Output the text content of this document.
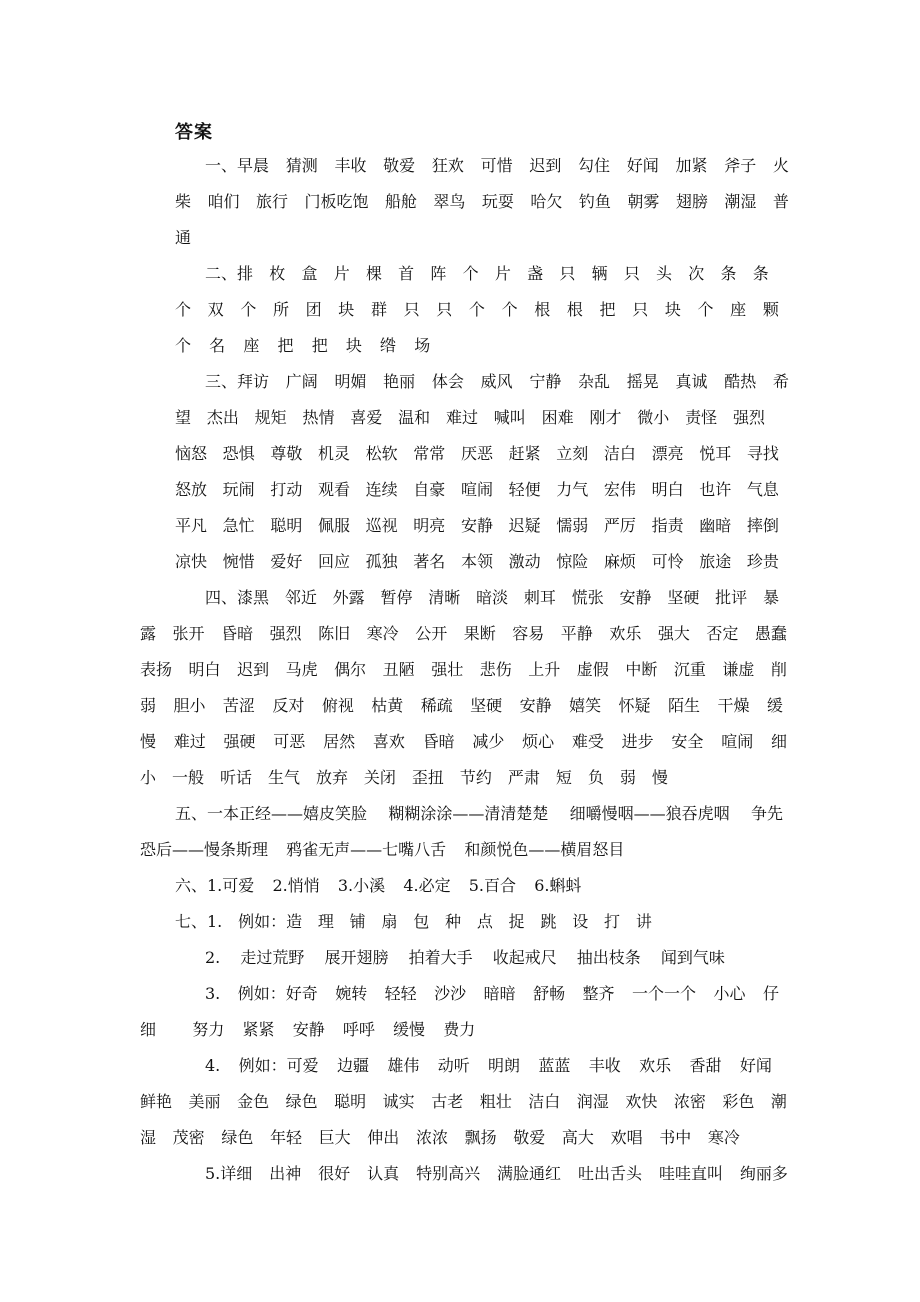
答案
一、早晨 猜测 丰收 敬爱 狂欢 可惜 迟到 勾住 好闻 加紧 斧子 火
柴 咱们 旅行 门板吃饱 船舱 翠鸟 玩耍 哈欠 钓鱼 朝雾 翅膀 潮湿 普
通
二、排 枚 盒 片 棵 首 阵 个 片 盏 只 辆 只 头 次 条 条
个 双 个 所 团 块 群 只 只 个 个 根 根 把 只 块 个 座 颗
个  名  座  把  把  块  绺  场
三、拜访 广阔 明媚 艳丽 体会 威风 宁静 杂乱 摇晃 真诚 酷热 希
望 杰出 规矩 热情 喜爱 温和 难过 喊叫 困难 刚才 微小 责怪 强烈
恼怒 恐惧 尊敬 机灵 松软 常常 厌恶 赶紧 立刻 洁白 漂亮 悦耳 寻找
怒放 玩闹 打动 观看 连续 自豪 喧闹 轻便 力气 宏伟 明白 也许 气息
平凡 急忙 聪明 佩服 巡视 明亮 安静 迟疑 懦弱 严厉 指责 幽暗 摔倒
凉快 惋惜 爱好 回应 孤独 著名 本领 激动 惊险 麻烦 可怜 旅途 珍贵
四、漆黑 邻近 外露 暂停 清晰 暗淡 刺耳 慌张 安静 坚硬 批评 暴
露 张开 昏暗 强烈 陈旧 寒冷 公开 果断 容易 平静 欢乐 强大 否定 愚蠢
表扬 明白 迟到 马虎 偶尔 丑陋 强壮 悲伤 上升 虚假 中断 沉重 谦虚 削
弱 胆小 苦涩 反对 俯视 枯黄 稀疏 坚硬 安静 嬉笑 怀疑 陌生 干燥 缓
慢 难过 强硬 可恶 居然 喜欢 昏暗 减少 烦心 难受 进步 安全 喧闹 细
小 一般 听话 生气 放弃 关闭 歪扭 节约 严肃 短 负 弱 慢
五、一本正经——嬉皮笑脸 糊糊涂涂——清清楚楚 细嚼慢咽——狼吞虎咽 争先
恐后——慢条斯理  鸦雀无声——七嘴八舌  和颜悦色——横眉怒目
六、1.可爱  2.悄悄  3.小溪  4.必定  5.百合  6.蝌蚪
七、1. 例如：造 理 铺 扇 包 种 点 捉 跳 设 打 讲
2. 走过荒野 展开翅膀 拍着大手 收起戒尺 抽出枝条 闻到气味
3. 例如：好奇 婉转 轻轻 沙沙 暗暗 舒畅 整齐 一个一个 小心 仔
细    努力  紧紧  安静  呼呼  缓慢  费力
4. 例如：可爱 边疆 雄伟 动听 明朗 蓝蓝 丰收 欢乐 香甜 好闻
鲜艳 美丽 金色 绿色 聪明 诚实 古老 粗壮 洁白 润湿 欢快 浓密 彩色 潮
湿 茂密 绿色 年轻 巨大 伸出 浓浓 飘扬 敬爱 高大 欢唱 书中 寒冷
5.详细 出神 很好 认真 特别高兴 满脸通红 吐出舌头 哇哇直叫 绚丽多
